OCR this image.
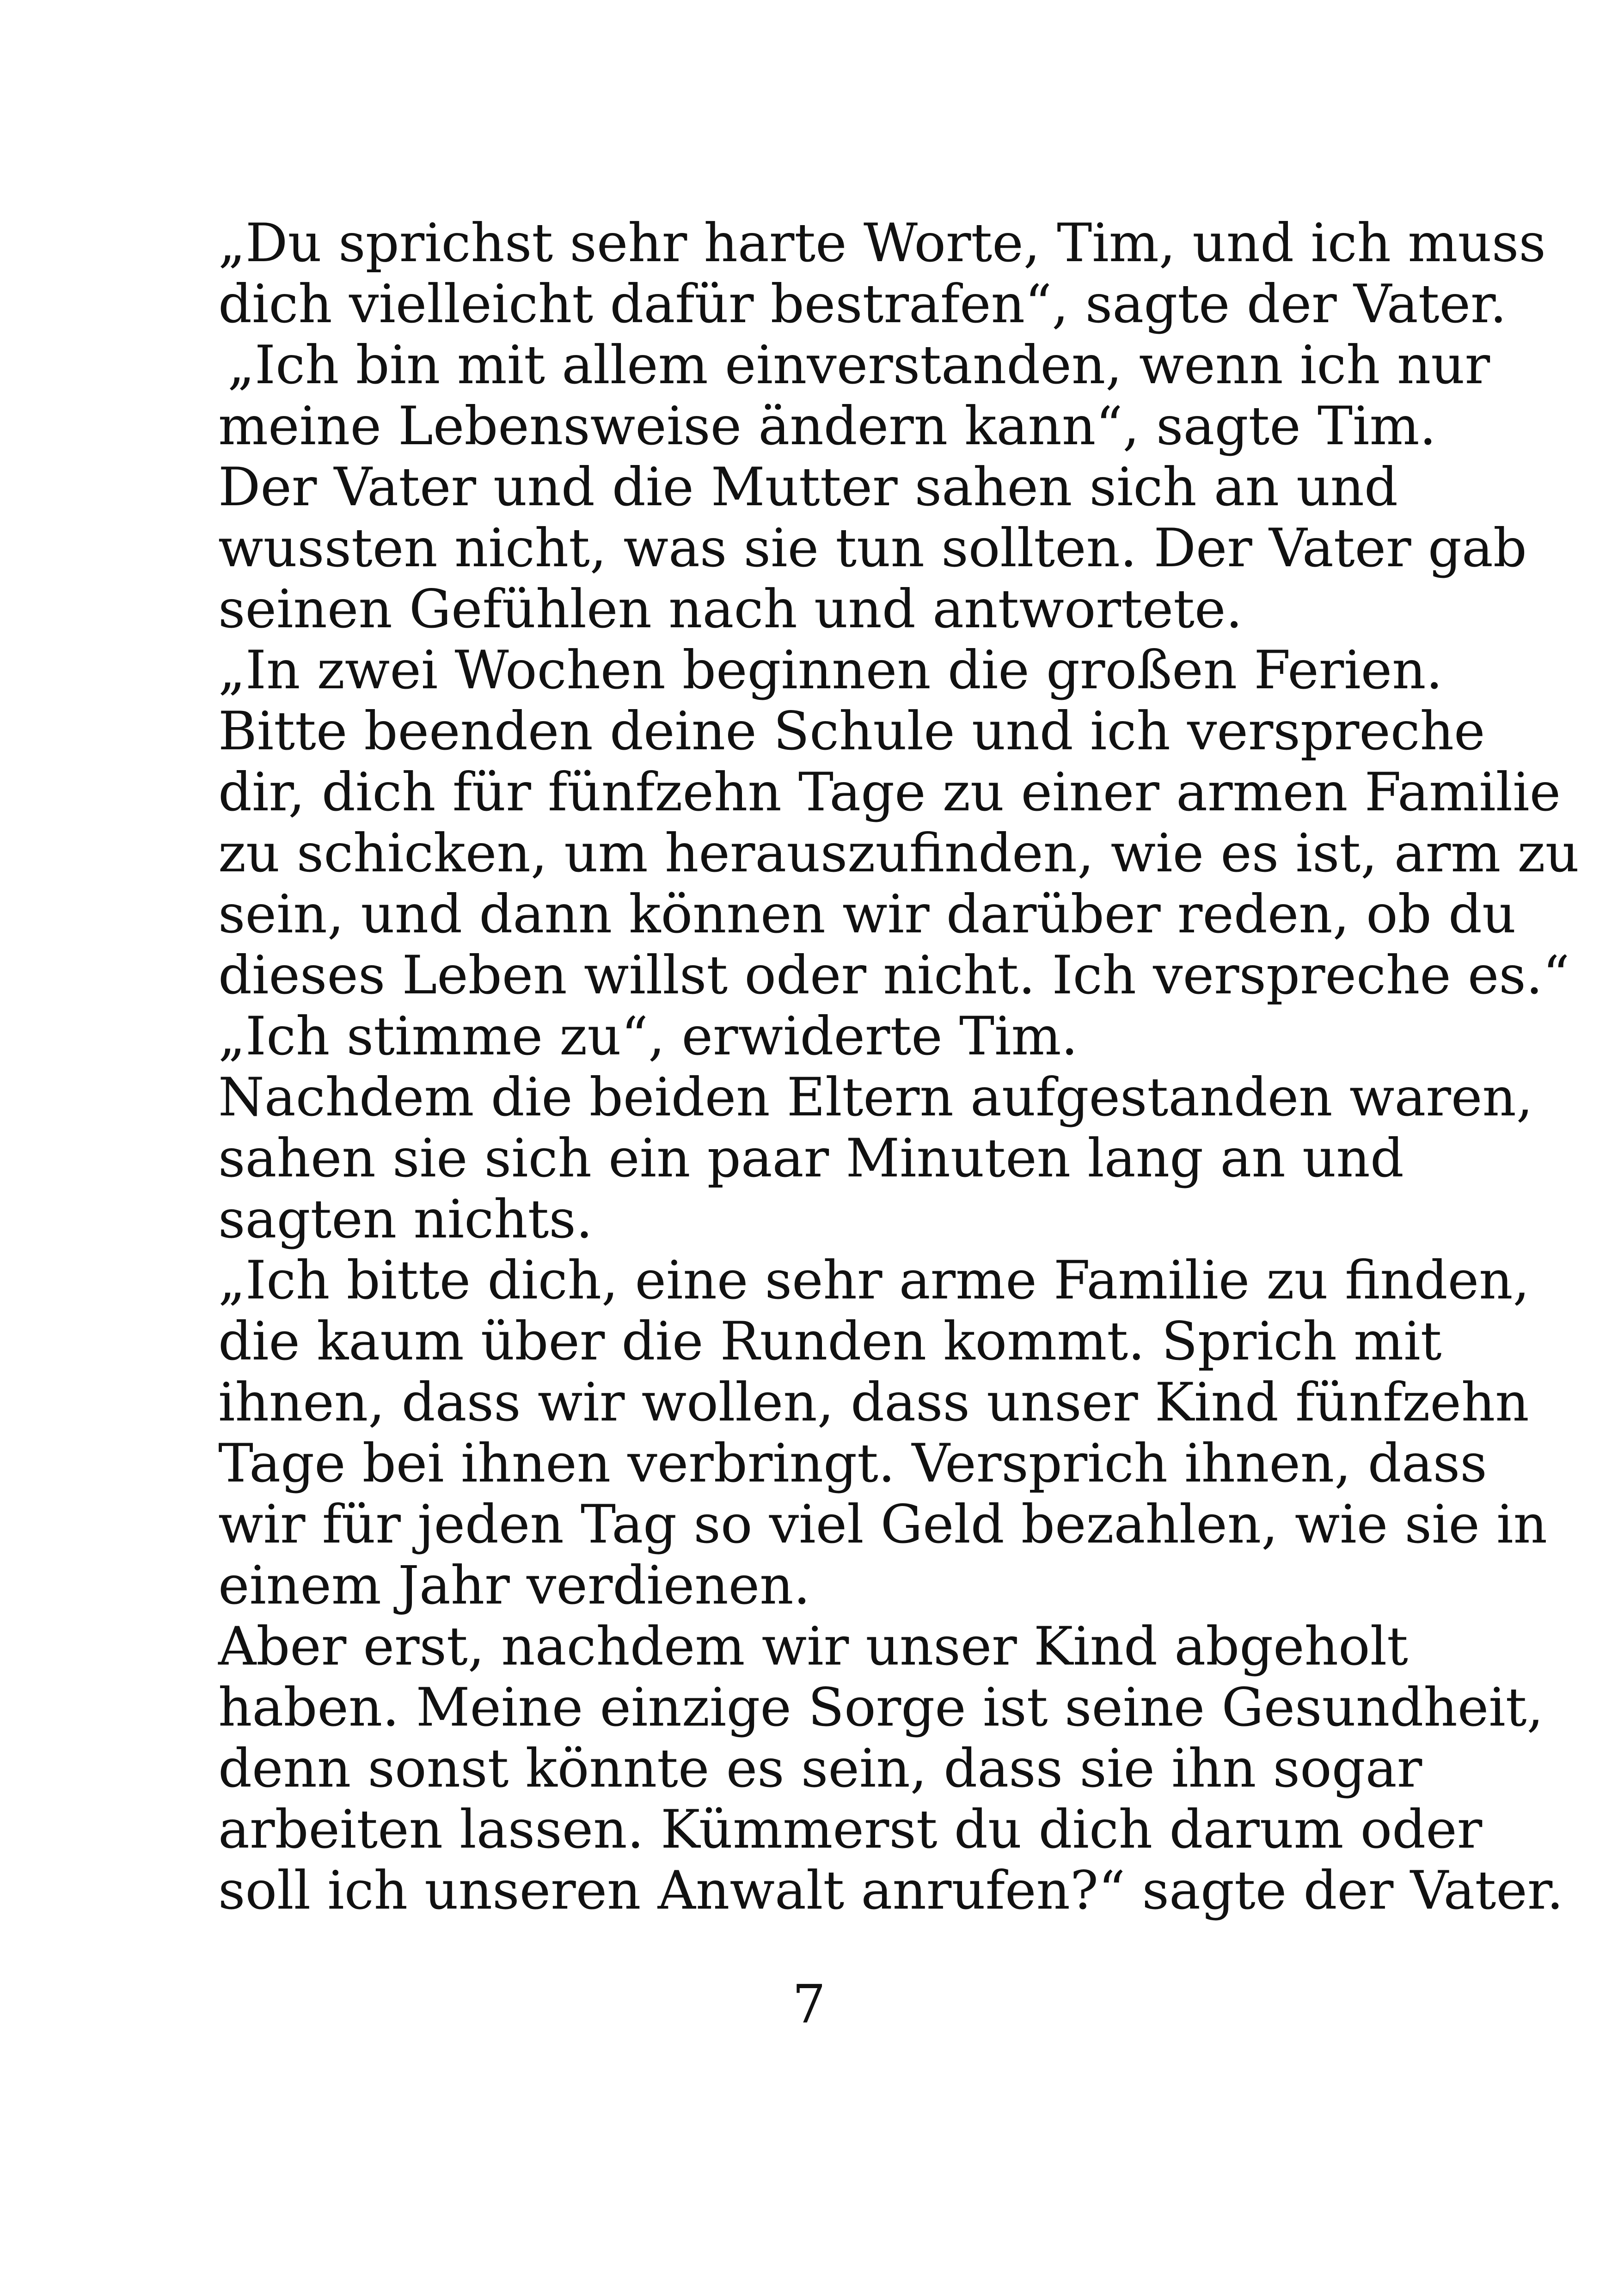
„Du sprichst sehr harte Worte, Tim, und ich muss
dich vielleicht dafür bestrafen“, sagte der Vater.
„Ich bin mit allem einverstanden, wenn ich nur
meine Lebensweise ändern kann“, sagte Tim.
Der Vater und die Mutter sahen sich an und
wussten nicht, was sie tun sollten. Der Vater gab
seinen Gefühlen nach und antwortete.
„In zwei Wochen beginnen die großen Ferien.
Bitte beenden deine Schule und ich verspreche
dir, dich für fünfzehn Tage zu einer armen Familie
zu schicken, um herauszufinden, wie es ist, arm zu
sein, und dann können wir darüber reden, ob du
dieses Leben willst oder nicht. Ich verspreche es.“
„Ich stimme zu“, erwiderte Tim.
Nachdem die beiden Eltern aufgestanden waren,
sahen sie sich ein paar Minuten lang an und
sagten nichts.
„Ich bitte dich, eine sehr arme Familie zu finden,
die kaum über die Runden kommt. Sprich mit
ihnen, dass wir wollen, dass unser Kind fünfzehn
Tage bei ihnen verbringt. Versprich ihnen, dass
wir für jeden Tag so viel Geld bezahlen, wie sie in
einem Jahr verdienen.
Aber erst, nachdem wir unser Kind abgeholt
haben. Meine einzige Sorge ist seine Gesundheit,
denn sonst könnte es sein, dass sie ihn sogar
arbeiten lassen. Kümmerst du dich darum oder
soll ich unseren Anwalt anrufen?“ sagte der Vater.
7
